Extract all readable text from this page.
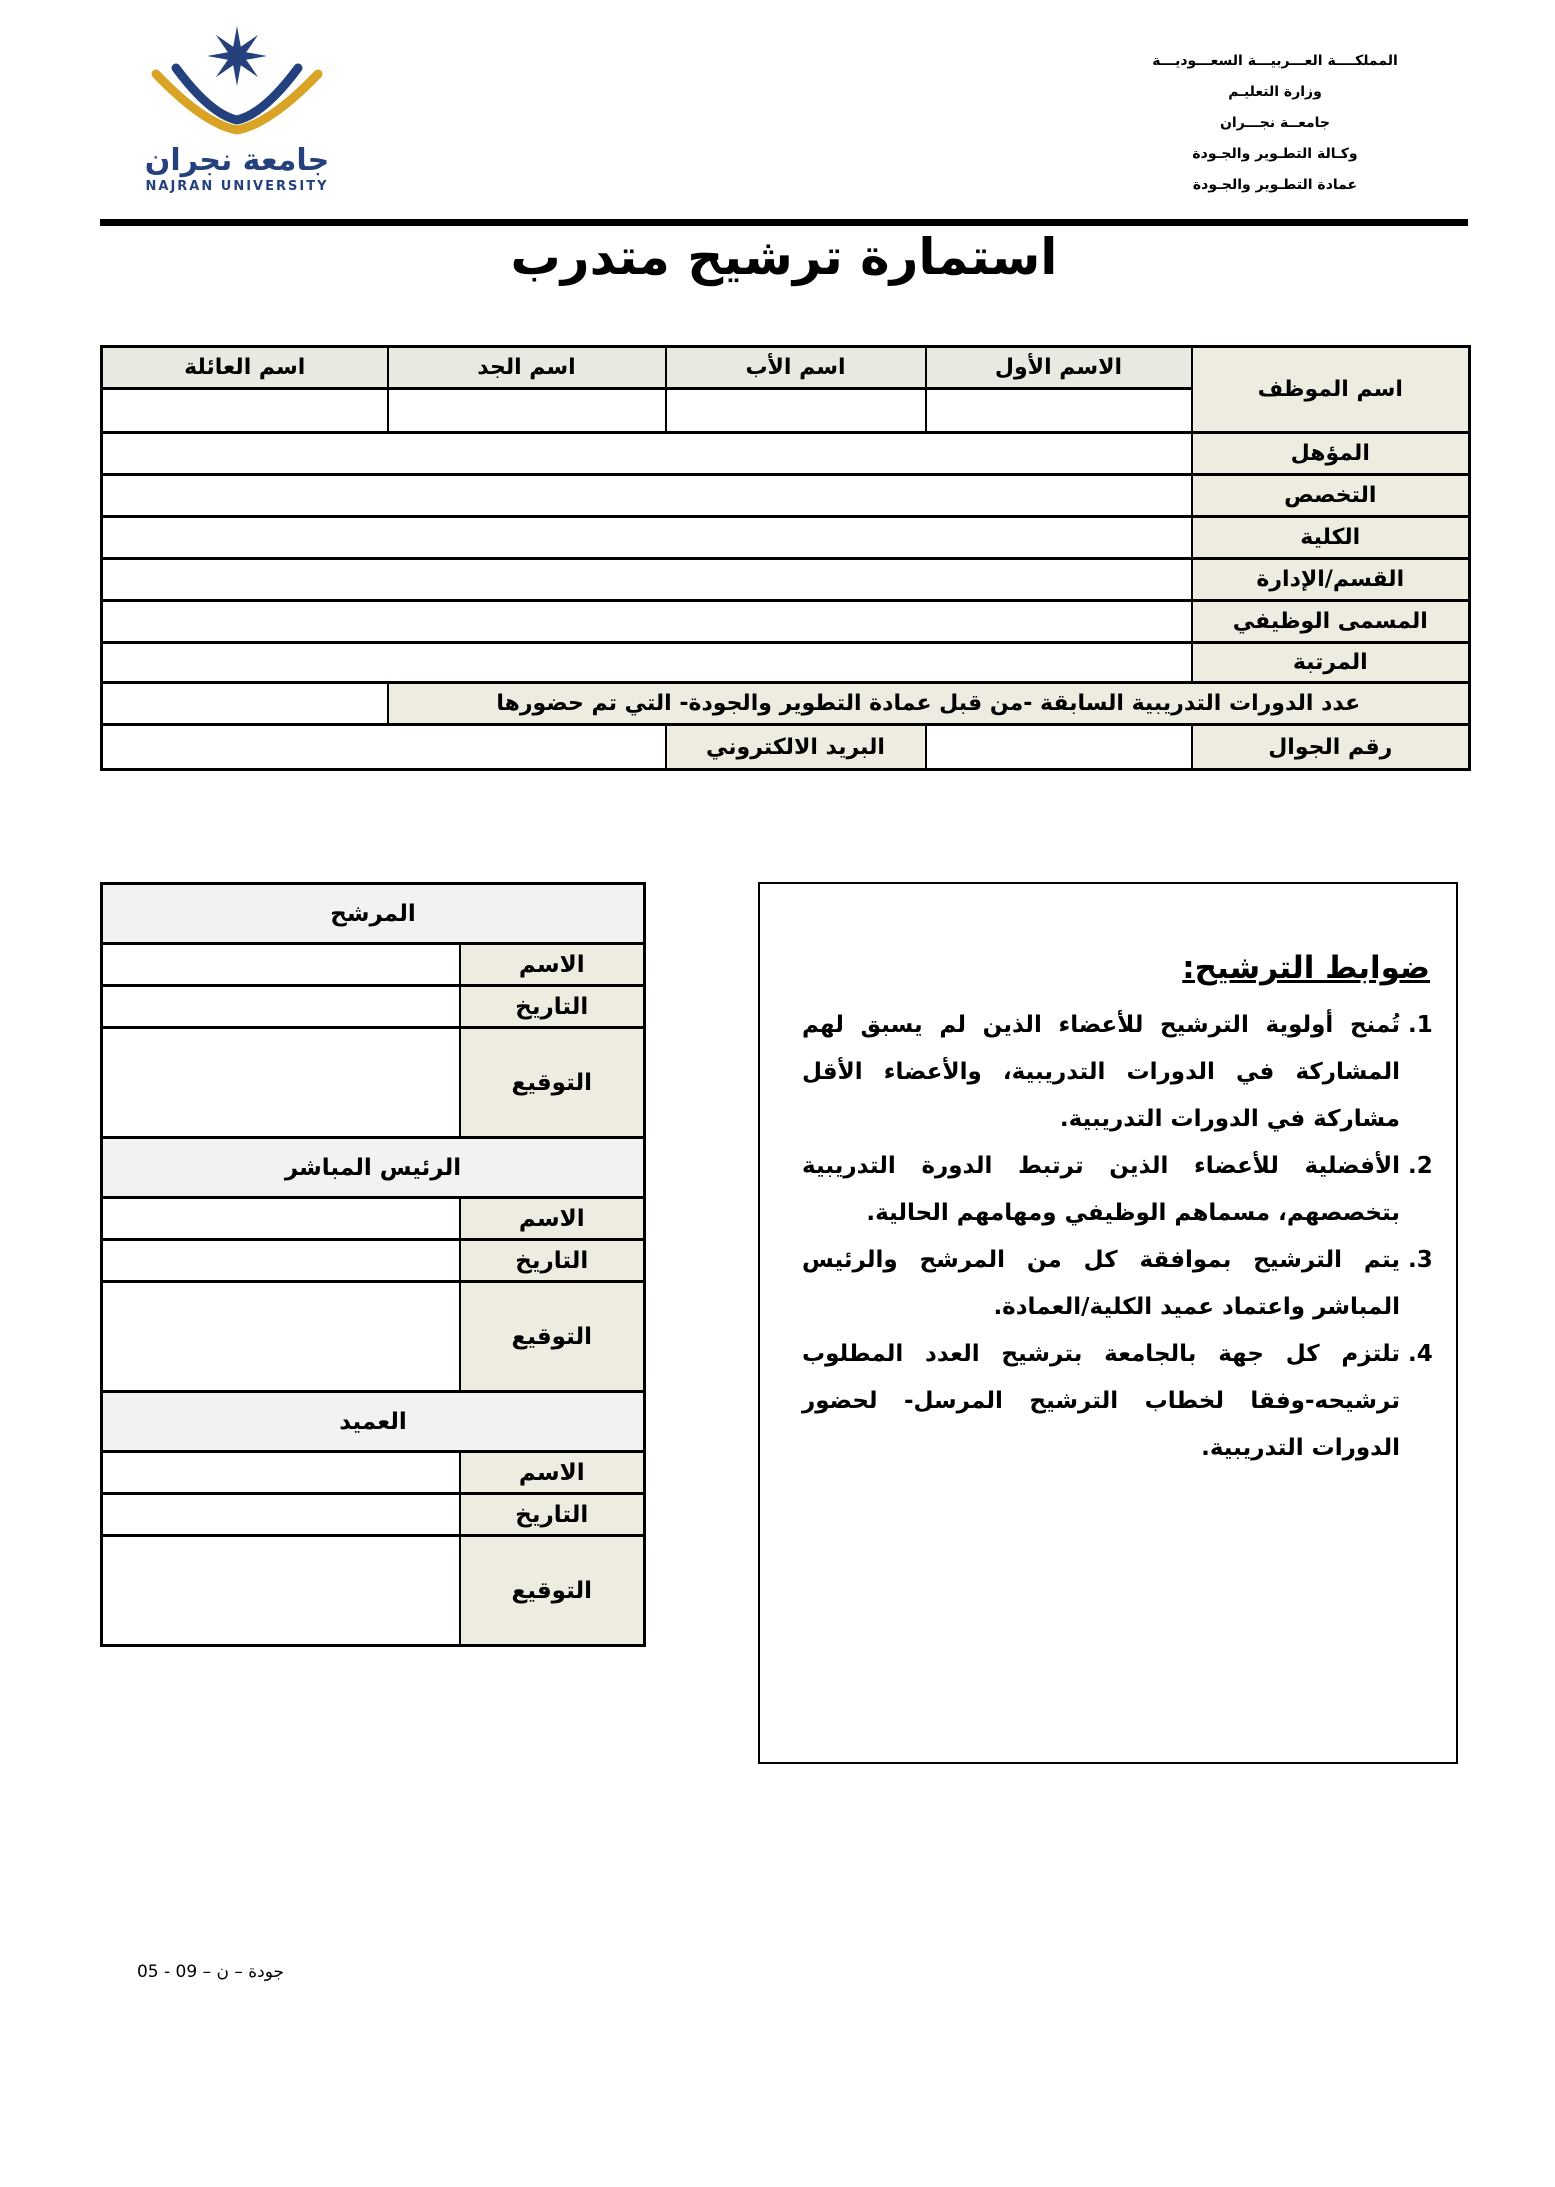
جامعة نجران
NAJRAN UNIVERSITY
المملكــــة العـــربيـــة السعـــوديـــة
وزارة التعليـم
جامعــة نجـــران
وكـالة التطـوير والجـودة
عمادة التطـوير والجـودة
استمارة ترشيح متدرب
اسم الموظف	الاسم الأول	اسم الأب	اسم الجد	اسم العائلة

المؤهل				
التخصص				
الكلية				
القسم/الإدارة				
المسمى الوظيفي				
المرتبة				
عدد الدورات التدريبية السابقة -من قبل عمادة التطوير والجودة- التي تم حضورها				
رقم الجوال		البريد الالكتروني		
المرشح	
الاسم	
التاريخ	
التوقيع	
الرئيس المباشر	
الاسم	
التاريخ	
التوقيع	
العميد	
الاسم	
التاريخ	
التوقيع	
ضوابط الترشيح:
1. تُمنح أولوية الترشيح للأعضاء الذين لم يسبق لهم المشاركة في الدورات التدريبية، والأعضاء الأقل مشاركة في الدورات التدريبية.
2. الأفضلية للأعضاء الذين ترتبط الدورة التدريبية بتخصصهم، مسماهم الوظيفي ومهامهم الحالية.
3. يتم الترشيح بموافقة كل من المرشح والرئيس المباشر واعتماد عميد الكلية/العمادة.
4. تلتزم كل جهة بالجامعة بترشيح العدد المطلوب ترشيحه-وفقا لخطاب الترشيح المرسل- لحضور الدورات التدريبية.
جودة – ن – 09 - 05
